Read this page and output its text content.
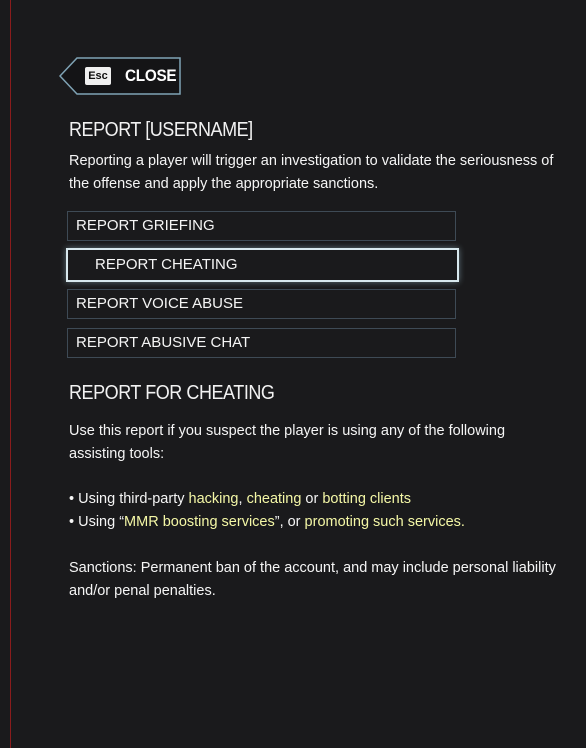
Esc CLOSE
REPORT [USERNAME]
Reporting a player will trigger an investigation to validate the seriousness of the offense and apply the appropriate sanctions.
REPORT GRIEFING
REPORT CHEATING
REPORT VOICE ABUSE
REPORT ABUSIVE CHAT
REPORT FOR CHEATING
Use this report if you suspect the player is using any of the following assisting tools:
• Using third-party hacking, cheating or botting clients
• Using “MMR boosting services”, or promoting such services.
Sanctions: Permanent ban of the account, and may include personal liability and/or penal penalties.
